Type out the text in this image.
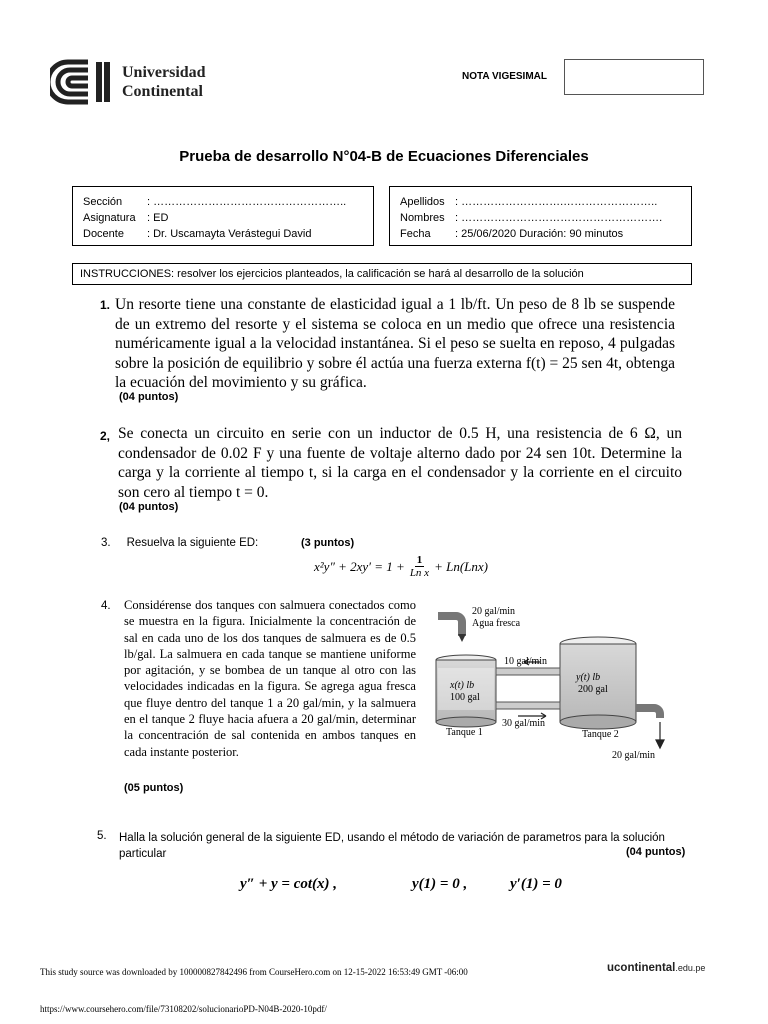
Universidad
Continental
NOTA VIGESIMAL
Prueba de desarrollo N°04-B de Ecuaciones Diferenciales
Sección	: ……………………………………………..
Asignatura	: ED
Docente	: Dr. Uscamayta Verástegui David
Apellidos : ……………………….……………………..
Nombres : ……………………………………………….
Fecha	: 25/06/2020 Duración: 90 minutos
INSTRUCCIONES: resolver los ejercicios planteados, la calificación se hará al desarrollo de la solución
1. Un resorte tiene una constante de elasticidad igual a 1 lb/ft. Un peso de 8 lb se suspende de un extremo del resorte y el sistema se coloca en un medio que ofrece una resistencia numéricamente igual a la velocidad instantánea. Si el peso se suelta en reposo, 4 pulgadas sobre la posición de equilibrio y sobre él actúa una fuerza externa f(t) = 25 sen 4t, obtenga la ecuación del movimiento y su gráfica.
(04 puntos)
2, Se conecta un circuito en serie con un inductor de 0.5 H, una resistencia de 6 Ω, un condensador de 0.02 F y una fuente de voltaje alterno dado por 24 sen 10t. Determine la carga y la corriente al tiempo t, si la carga en el condensador y la corriente en el circuito son cero al tiempo t = 0.
(04 puntos)
3.     Resuelva la siguiente ED:	(3 puntos)
$x^2y'' + 2xy' = 1 + \frac{1}{\text{Ln x}} + Ln(Lnx)$
4. Considérense dos tanques con salmuera conectados como se muestra en la figura. Inicialmente la concentración de sal en cada uno de los dos tanques de salmuera es de 0.5 lb/gal. La salmuera en cada tanque se mantiene uniforme por agitación, y se bombea de un tanque al otro con las velocidades indicadas en la figura. Se agrega agua fresca que fluye dentro del tanque 1 a 20 gal/min, y la salmuera en el tanque 2 fluye hacia afuera a 20 gal/min, determinar la concentración de sal contenida en ambos tanques en cada instante posterior.
(05 puntos)
20 gal/min
Agua fresca
x(t) lb
100 gal
y(t) lb
200 gal
10 gal/min
30 gal/min
Tanque 1	Tanque 2
20 gal/min
5. Halla la solución general de la siguiente ED, usando el método de variación de parametros para la solución particular	(04 puntos)
y″ + y = cot(x) ,	y(1) = 0 ,	y′(1) = 0
This study source was downloaded by 100000827842496 from CourseHero.com on 12-15-2022 16:53:49 GMT -06:00	ucontinental.edu.pe
https://www.coursehero.com/file/73108202/solucionarioPD-N04B-2020-10pdf/
